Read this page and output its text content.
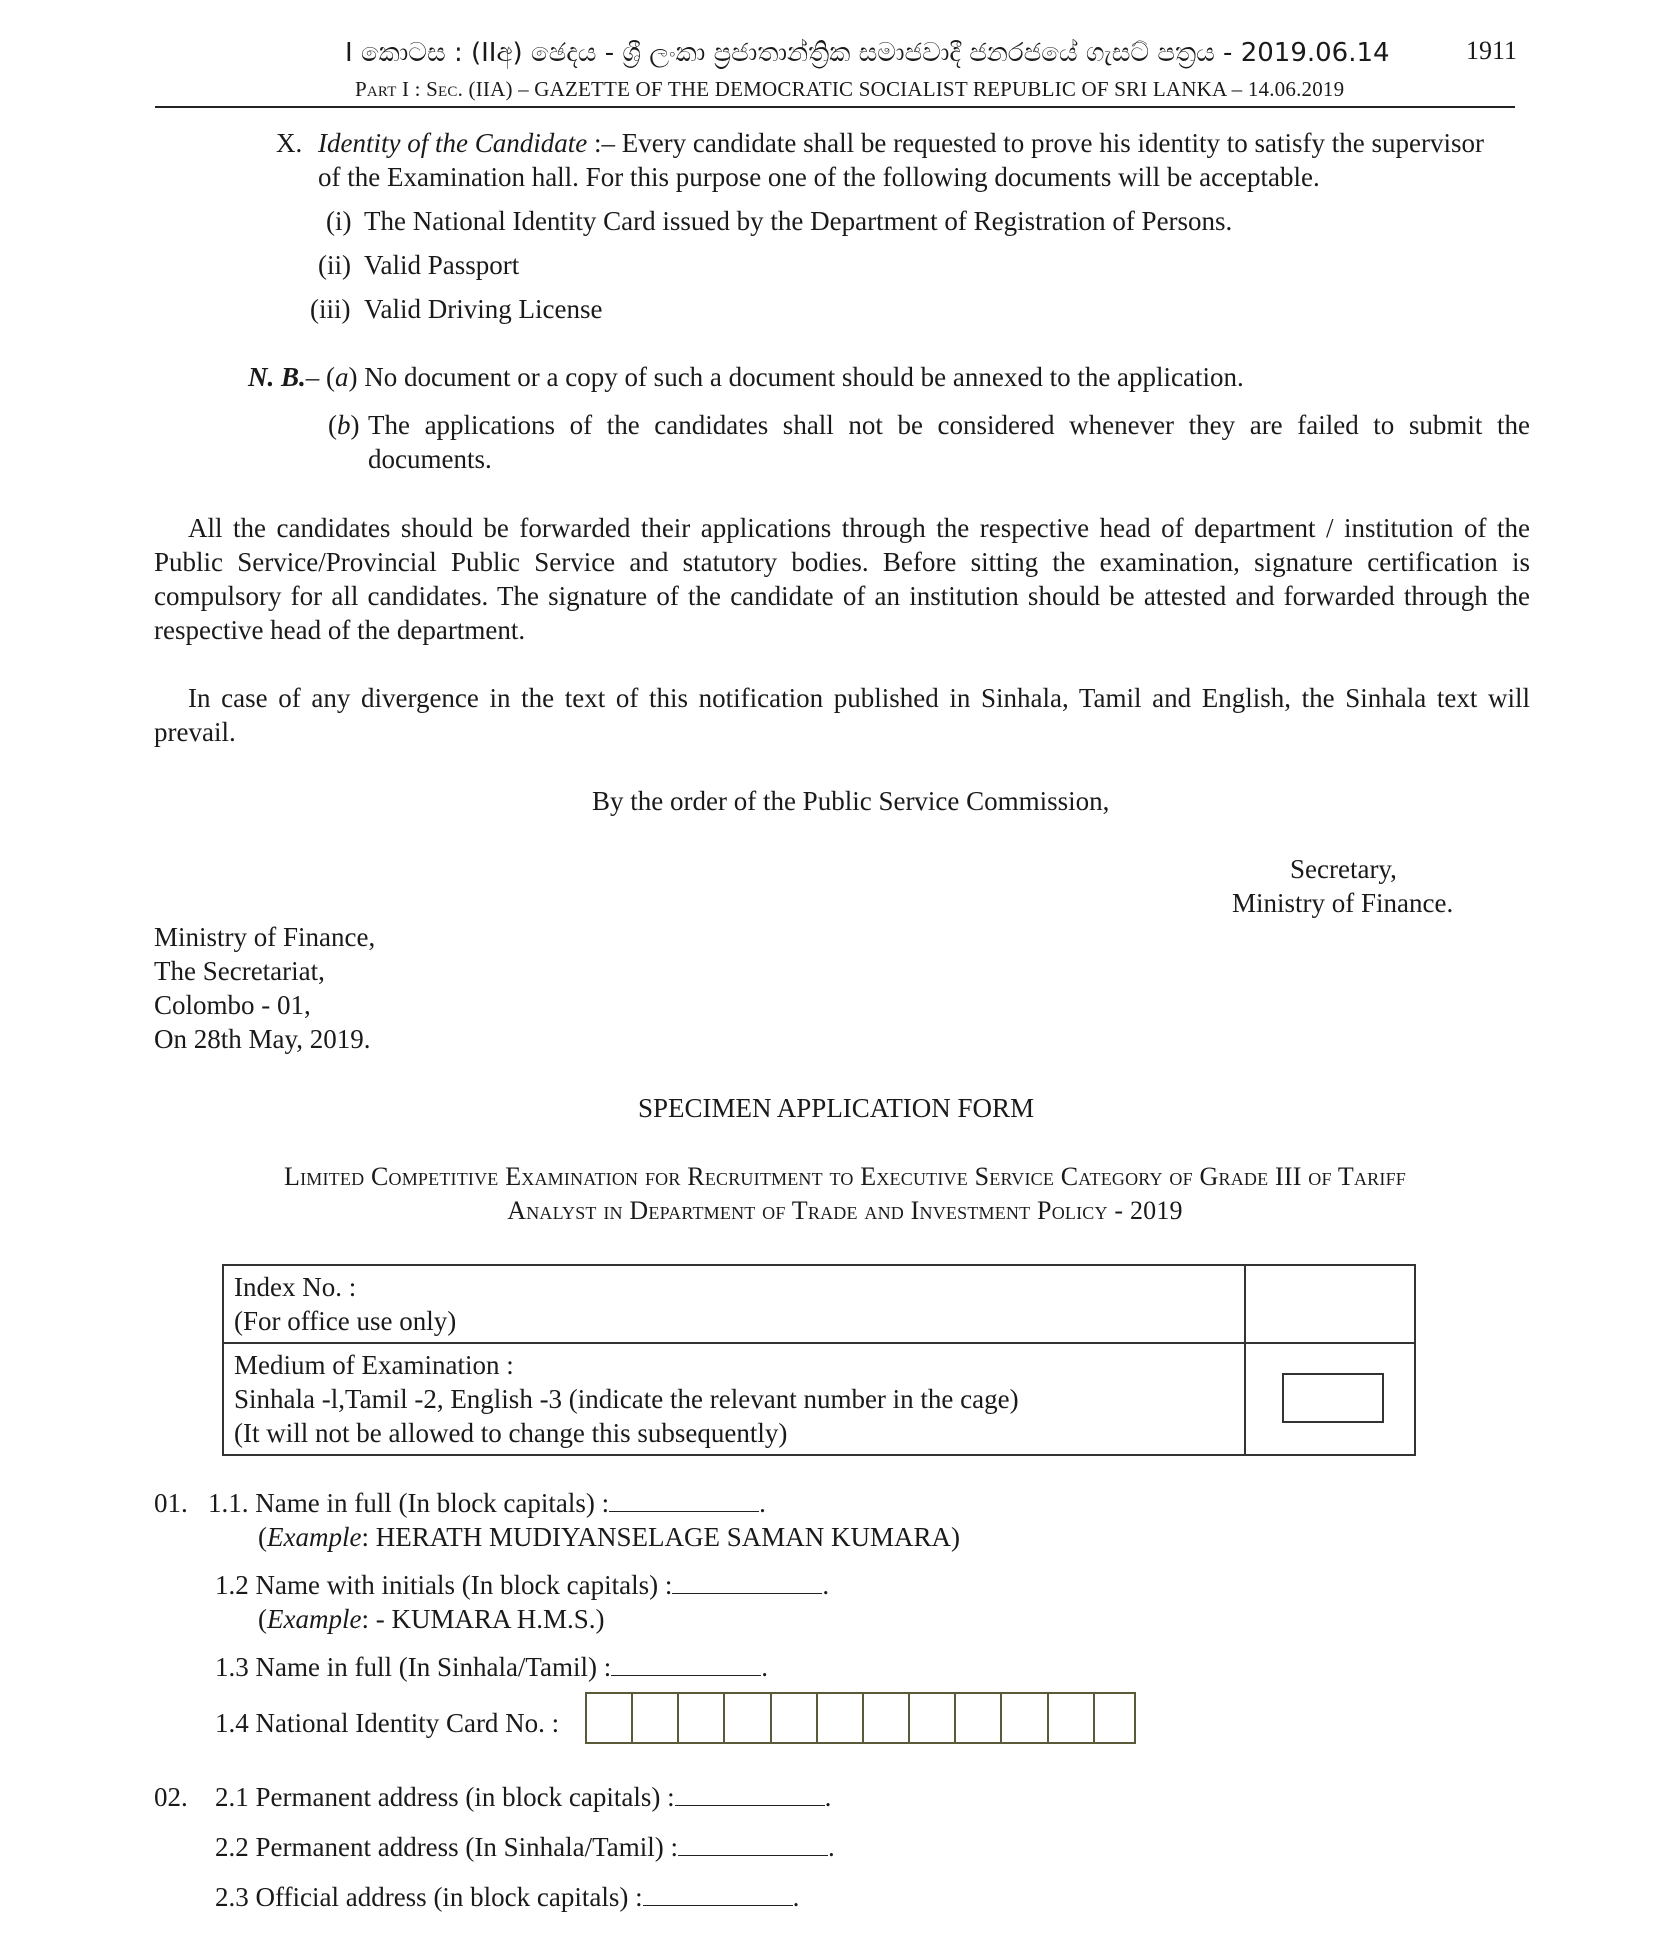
I කොටස : (IIඅ) ඡෙදය - ශ්‍රී ලංකා ප්‍රජාතාන්ත්‍රික සමාජවාදී ජනරජයේ ගැසට් පත්‍රය - 2019.06.14	1911
Part I : Sec. (IIA) – GAZETTE OF THE DEMOCRATIC SOCIALIST REPUBLIC OF SRI LANKA – 14.06.2019
X. Identity of the Candidate :– Every candidate shall be requested to prove his identity to satisfy the supervisor
of the Examination hall. For this purpose one of the following documents will be acceptable.
(i) The National Identity Card issued by the Department of Registration of Persons.
(ii) Valid Passport
(iii) Valid Driving License
N. B.– (a) No document or a copy of such a document should be annexed to the application.
(b) The applications of the candidates shall not be considered whenever they are failed to submit the
documents.
All the candidates should be forwarded their applications through the respective head of department / institution of the
Public Service/Provincial Public Service and statutory bodies. Before sitting the examination, signature certification is
compulsory for all candidates. The signature of the candidate of an institution should be attested and forwarded through the
respective head of the department.
In case of any divergence in the text of this notification published in Sinhala, Tamil and English, the Sinhala text will
prevail.
By the order of the Public Service Commission,
Secretary,
Ministry of Finance.
Ministry of Finance,
The Secretariat,
Colombo - 01,
On 28th May, 2019.
SPECIMEN APPLICATION FORM
Limited Competitive Examination for Recruitment to Executive Service Category of Grade III of Tariff
Analyst in Department of Trade and Investment Policy - 2019
Index No. :
(For office use only)	

Medium of Examination :
Sinhala -l,Tamil -2, English -3 (indicate the relevant number in the cage)
(It will not be allowed to change this subsequently)	

01. 1.1. Name in full (In block capitals) :	.
(Example: HERATH MUDIYANSELAGE SAMAN KUMARA)
1.2 Name with initials (In block capitals) :	.
(Example: - KUMARA H.M.S.)
1.3 Name in full (In Sinhala/Tamil) :	.
1.4 National Identity Card No. :
02. 2.1 Permanent address (in block capitals) :	.
2.2 Permanent address (In Sinhala/Tamil) :	.
2.3 Official address (in block capitals) :	.
